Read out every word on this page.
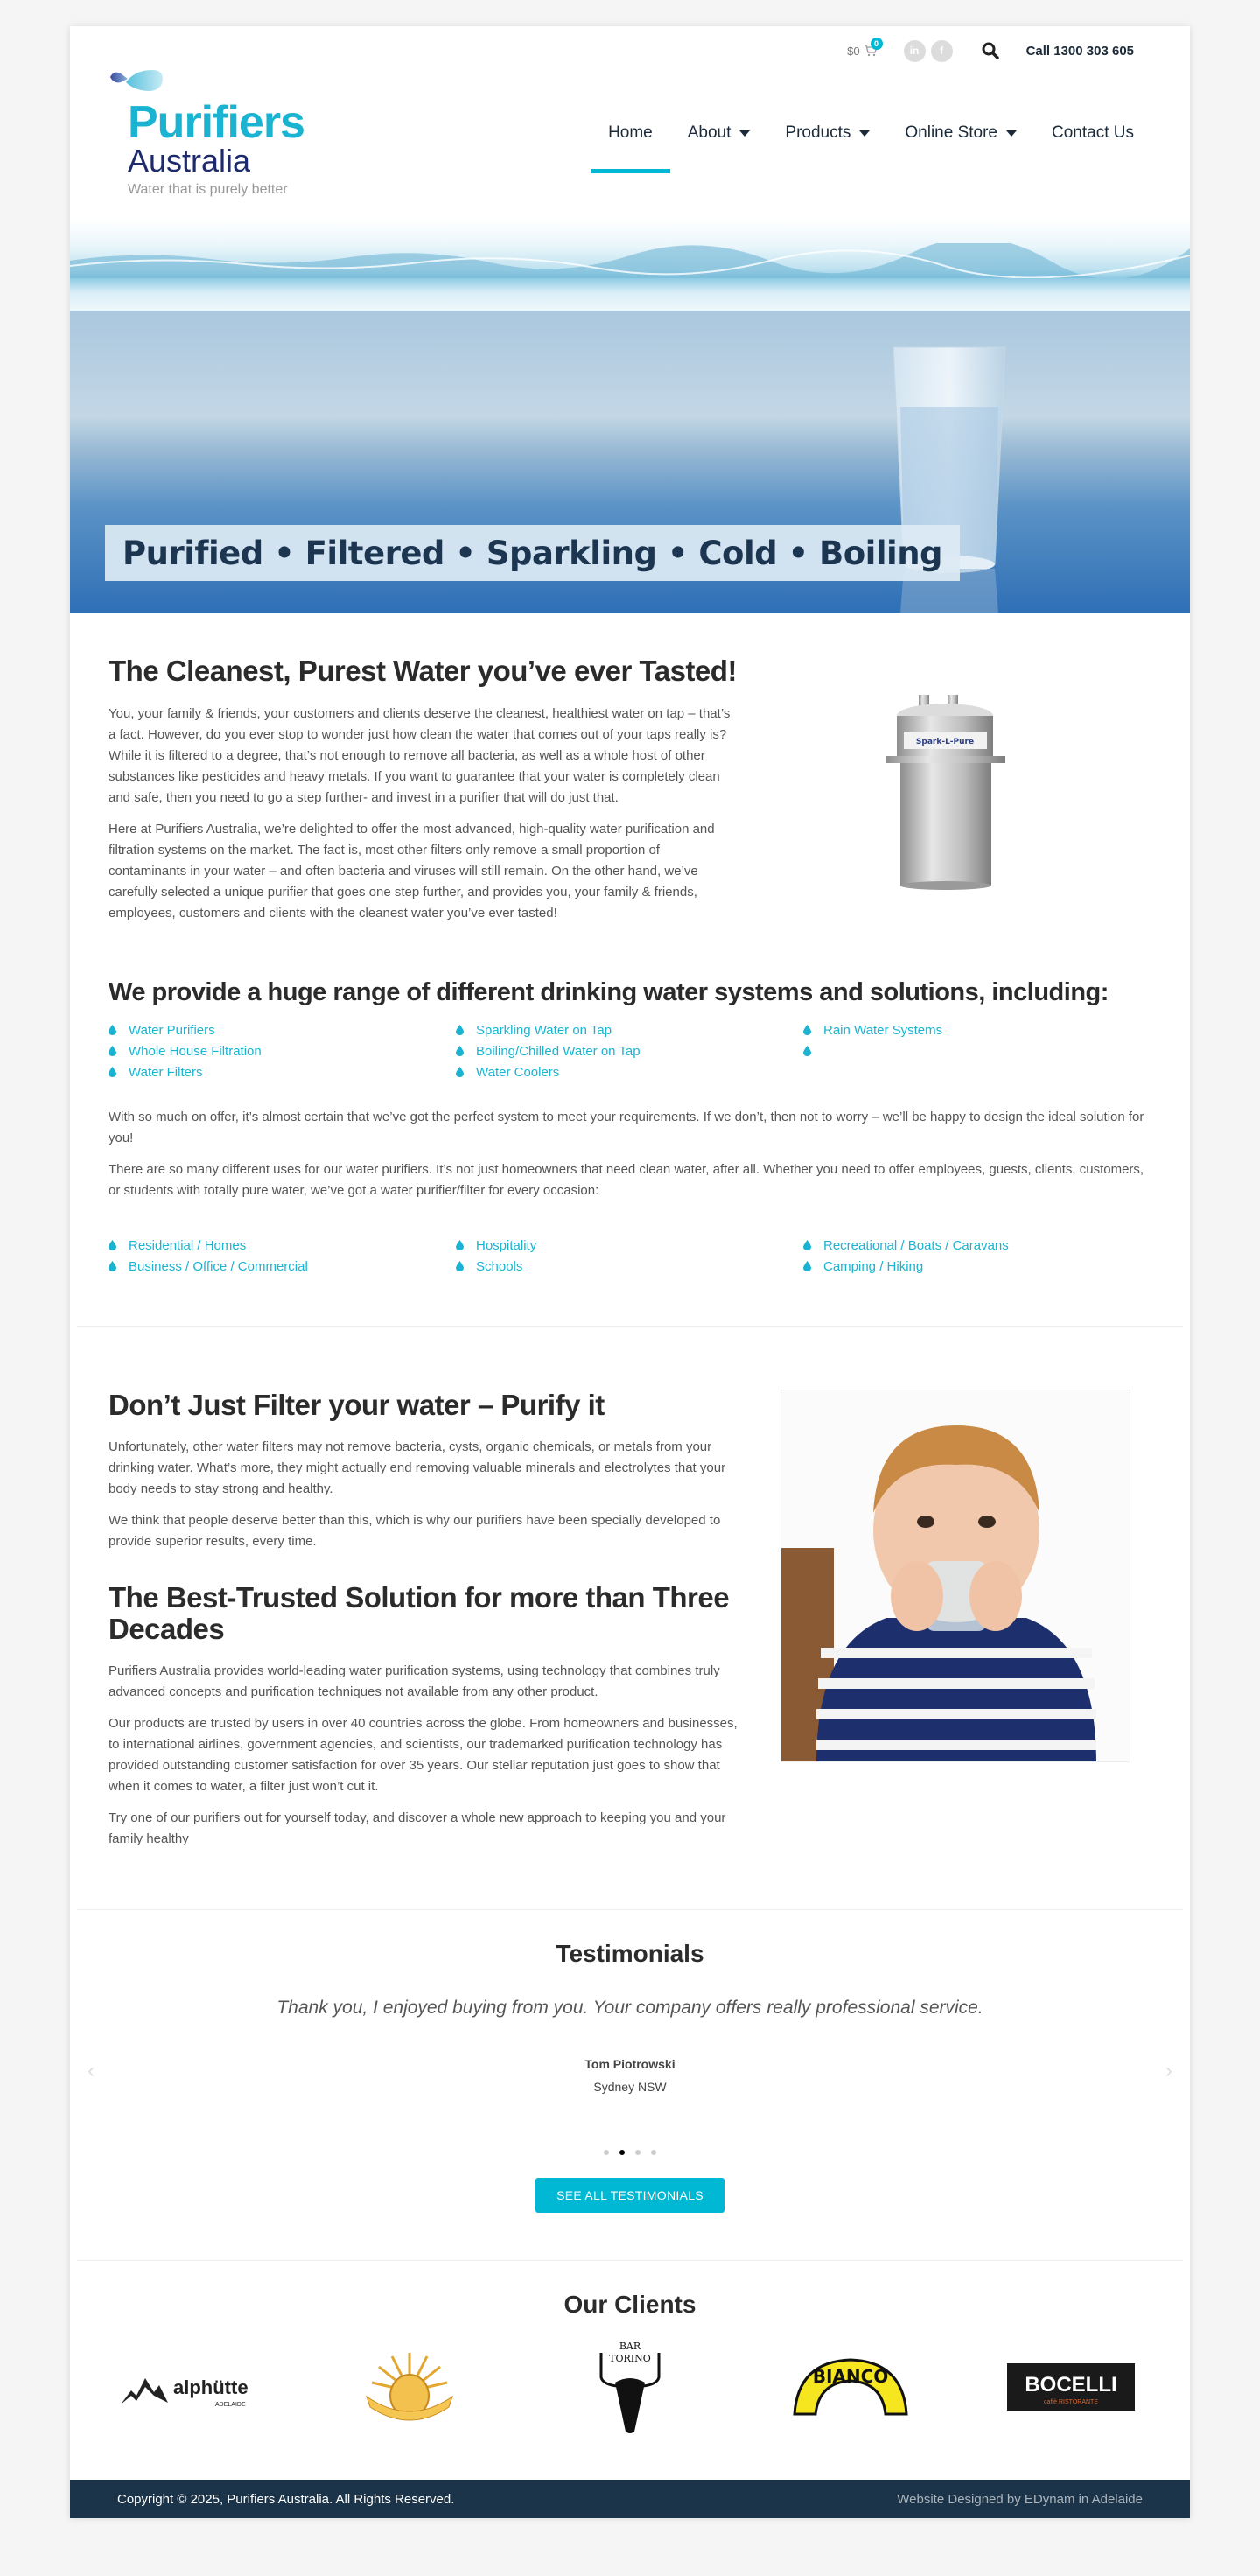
Purifiers
Australia
Water that is purely better
$0
0
in	f	Call 1300 303 605
Home About	Products	Online Store	Contact Us
Purified • Filtered • Sparkling • Cold • Boiling
The Cleanest, Purest Water you’ve ever Tasted!

You, your family & friends, your customers and clients deserve the cleanest, healthiest water on tap – that’s a fact. However, do you ever stop to wonder just how clean the water that comes out of your taps really is? While it is filtered to a degree, that’s not enough to remove all bacteria, as well as a whole host of other substances like pesticides and heavy metals. If you want to guarantee that your water is completely clean and safe, then you need to go a step further- and invest in a purifier that will do just that.

Here at Purifiers Australia, we’re delighted to offer the most advanced, high-quality water purification and filtration systems on the market. The fact is, most other filters only remove a small proportion of contaminants in your water – and often bacteria and viruses will still remain. On the other hand, we’ve carefully selected a unique purifier that goes one step further, and provides you, your family & friends, employees, customers and clients with the cleanest water you’ve ever tasted!

Spark-L-Pure
We provide a huge range of different drinking water systems and solutions, including:
Water Purifiers	Sparkling Water on Tap	Rain Water Systems
Whole House Filtration	Boiling/Chilled Water on Tap
Water Filters	Water Coolers

With so much on offer, it’s almost certain that we’ve got the perfect system to meet your requirements. If we don’t, then not to worry – we’ll be happy to design the ideal solution for you!

There are so many different uses for our water purifiers. It’s not just homeowners that need clean water, after all. Whether you need to offer employees, guests, clients, customers, or students with totally pure water, we’ve got a water purifier/filter for every occasion:

Residential / Homes	Hospitality	Recreational / Boats / Caravans
Business / Office / Commercial	Schools	Camping / Hiking
Don’t Just Filter your water – Purify it

Unfortunately, other water filters may not remove bacteria, cysts, organic chemicals, or metals from your drinking water. What’s more, they might actually end removing valuable minerals and electrolytes that your body needs to stay strong and healthy.

We think that people deserve better than this, which is why our purifiers have been specially developed to provide superior results, every time.

The Best-Trusted Solution for more than Three Decades

Purifiers Australia provides world-leading water purification systems, using technology that combines truly advanced concepts and purification techniques not available from any other product.

Our products are trusted by users in over 40 countries across the globe. From homeowners and businesses, to international airlines, government agencies, and scientists, our trademarked purification technology has provided outstanding customer satisfaction for over 35 years. Our stellar reputation just goes to show that when it comes to water, a filter just won’t cut it.

Try one of our purifiers out for yourself today, and discover a whole new approach to keeping you and your family healthy

Testimonials
Thank you, I enjoyed buying from you. Your company offers really professional service.
Tom Piotrowski
Sydney NSW
‹	›
SEE ALL TESTIMONIALS
Our Clients
alphütte
ADELAIDE
BAR
TORINO
BIANCO	BOCELLI
caffè RISTORANTE
Copyright © 2025, Purifiers Australia. All Rights Reserved.	Website Designed by EDynam in Adelaide
